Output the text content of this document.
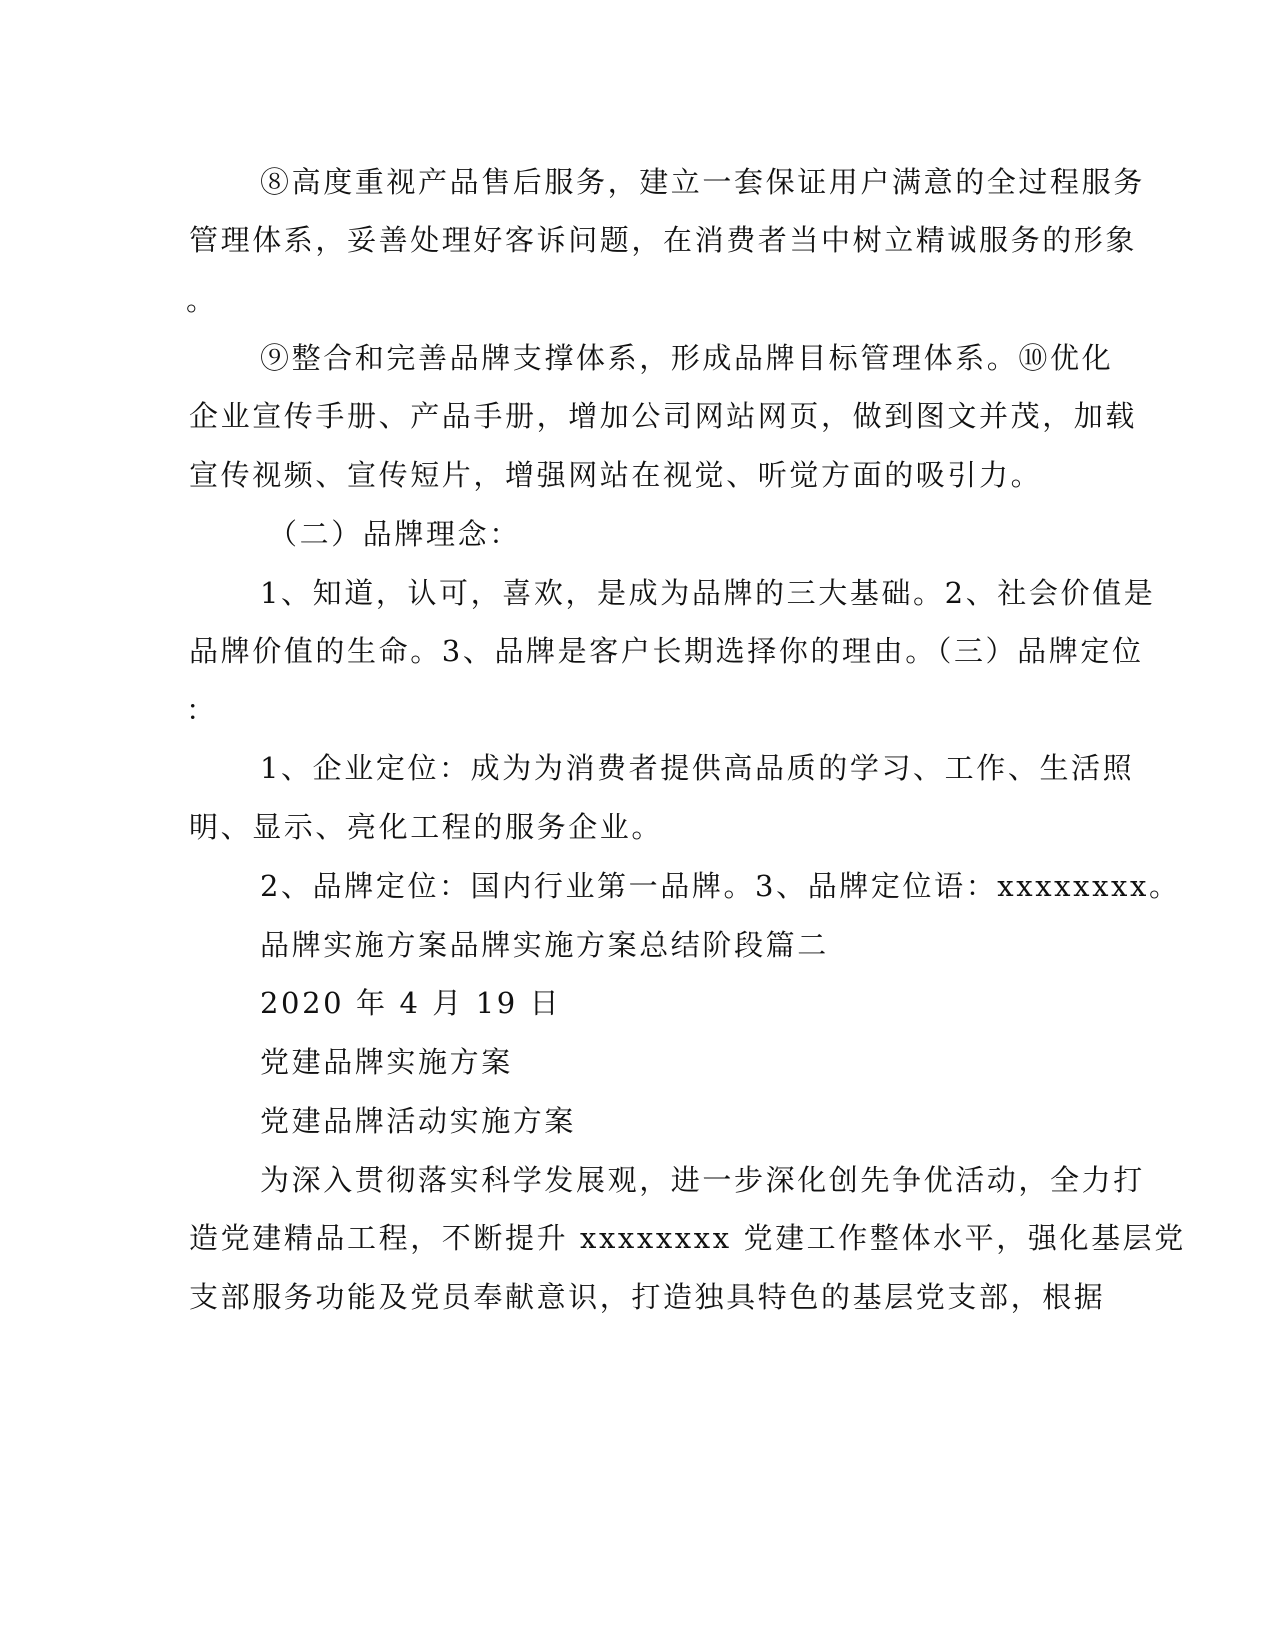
⑧高度重视产品售后服务，建立一套保证用户满意的全过程服务
管理体系，妥善处理好客诉问题，在消费者当中树立精诚服务的形象
。
⑨整合和完善品牌支撑体系，形成品牌目标管理体系。⑩优化
企业宣传手册、产品手册，增加公司网站网页，做到图文并茂，加载
宣传视频、宣传短片，增强网站在视觉、听觉方面的吸引力。
（二）品牌理念：
1、知道，认可，喜欢，是成为品牌的三大基础。2、社会价值是
品牌价值的生命。3、品牌是客户长期选择你的理由。（三）品牌定位
：
1、企业定位：成为为消费者提供高品质的学习、工作、生活照
明、显示、亮化工程的服务企业。
2、品牌定位：国内行业第一品牌。3、品牌定位语：xxxxxxxx。
品牌实施方案品牌实施方案总结阶段篇二
2020 年 4 月 19 日
党建品牌实施方案
党建品牌活动实施方案
为深入贯彻落实科学发展观，进一步深化创先争优活动，全力打
造党建精品工程，不断提升 xxxxxxxx 党建工作整体水平，强化基层党
支部服务功能及党员奉献意识，打造独具特色的基层党支部，根据
